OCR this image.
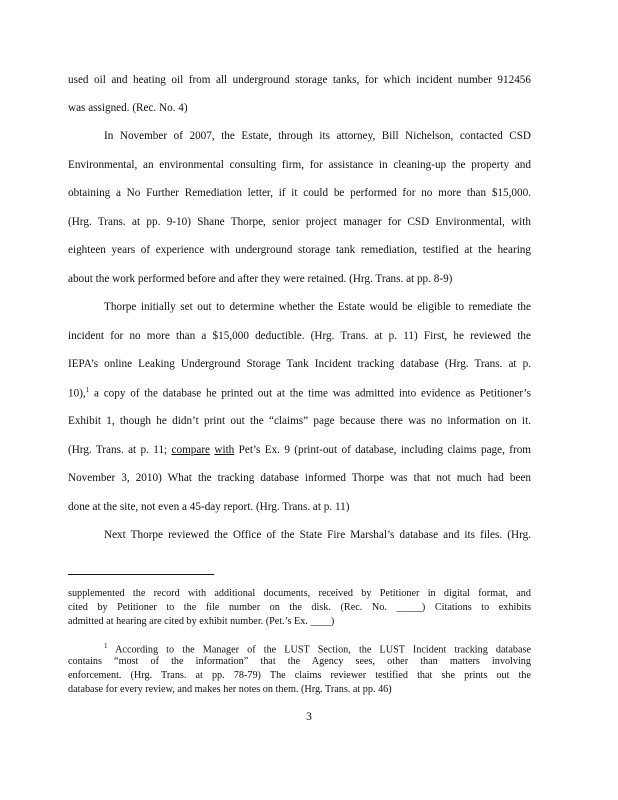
used oil and heating oil from all underground storage tanks, for which incident number 912456
was assigned. (Rec. No. 4)
In November of 2007, the Estate, through its attorney, Bill Nichelson, contacted CSD
Environmental, an environmental consulting firm, for assistance in cleaning-up the property and
obtaining a No Further Remediation letter, if it could be performed for no more than $15,000.
(Hrg. Trans. at pp. 9-10) Shane Thorpe, senior project manager for CSD Environmental, with
eighteen years of experience with underground storage tank remediation, testified at the hearing
about the work performed before and after they were retained. (Hrg. Trans. at pp. 8-9)
Thorpe initially set out to determine whether the Estate would be eligible to remediate the
incident for no more than a $15,000 deductible. (Hrg. Trans. at p. 11) First, he reviewed the
IEPA’s online Leaking Underground Storage Tank Incident tracking database (Hrg. Trans. at p.
10),$^1$ a copy of the database he printed out at the time was admitted into evidence as Petitioner’s
Exhibit 1, though he didn’t print out the “claims” page because there was no information on it.
(Hrg. Trans. at p. 11; compare with Pet’s Ex. 9 (print-out of database, including claims page, from
November 3, 2010) What the tracking database informed Thorpe was that not much had been
done at the site, not even a 45-day report. (Hrg. Trans. at p. 11)
Next Thorpe reviewed the Office of the State Fire Marshal’s database and its files. (Hrg.
supplemented the record with additional documents, received by Petitioner in digital format, and
cited by Petitioner to the file number on the disk. (Rec. No. _____) Citations to exhibits
admitted at hearing are cited by exhibit number. (Pet.’s Ex. ____)
$^1$ According to the Manager of the LUST Section, the LUST Incident tracking database
contains “most of the information” that the Agency sees, other than matters involving
enforcement. (Hrg. Trans. at pp. 78-79) The claims reviewer testified that she prints out the
database for every review, and makes her notes on them. (Hrg. Trans. at pp. 46)
3
